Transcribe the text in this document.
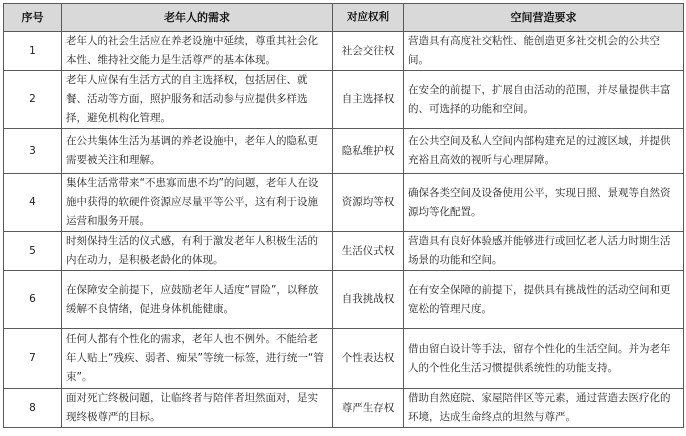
序号	老年人的需求	对应权利	空间营造要求
1	老年人的社会生活应在养老设施中延续，尊重其社会化本性、维持社交能力是生活尊严的基本体现。	社会交往权	营造具有高度社交粘性、能创造更多社交机会的公共空间。
2	老年人应保有生活方式的自主选择权，包括居住、就餐、活动等方面，照护服务和活动参与应提供多样选择，避免机构化管理。	自主选择权	在安全的前提下，扩展自由活动的范围，并尽量提供丰富的、可选择的功能和空间。
3	在公共集体生活为基调的养老设施中，老年人的隐私更需要被关注和理解。	隐私维护权	在公共空间及私人空间内部构建充足的过渡区域，并提供充裕且高效的视听与心理屏障。
4	集体生活常带来“不患寡而患不均”的问题，老年人在设施中获得的软硬件资源应尽量平等公平，这有利于设施运营和服务开展。	资源均等权	确保各类空间及设备使用公平，实现日照、景观等自然资源均等化配置。
5	时刻保持生活的仪式感，有利于激发老年人积极生活的内在动力，是积极老龄化的体现。	生活仪式权	营造具有良好体验感并能够进行或回忆老人活力时期生活场景的功能和空间。
6	在保障安全前提下，应鼓励老年人适度“冒险”，以释放缓解不良情绪，促进身体机能健康。	自我挑战权	在有安全保障的前提下，提供具有挑战性的活动空间和更宽松的管理尺度。
7	任何人都有个性化的需求，老年人也不例外。不能给老年人贴上“残疾、弱者、痴呆”等统一标签，进行统一“管束”。	个性表达权	借由留白设计等手法，留存个性化的生活空间。并为老年人的个性化生活习惯提供系统性的功能支持。
8	面对死亡终极问题，让临终者与陪伴者坦然面对，是实现终极尊严的目标。	尊严生存权	借助自然庭院、家屋陪伴区等元素，通过营造去医疗化的环境，达成生命终点的坦然与尊严。
